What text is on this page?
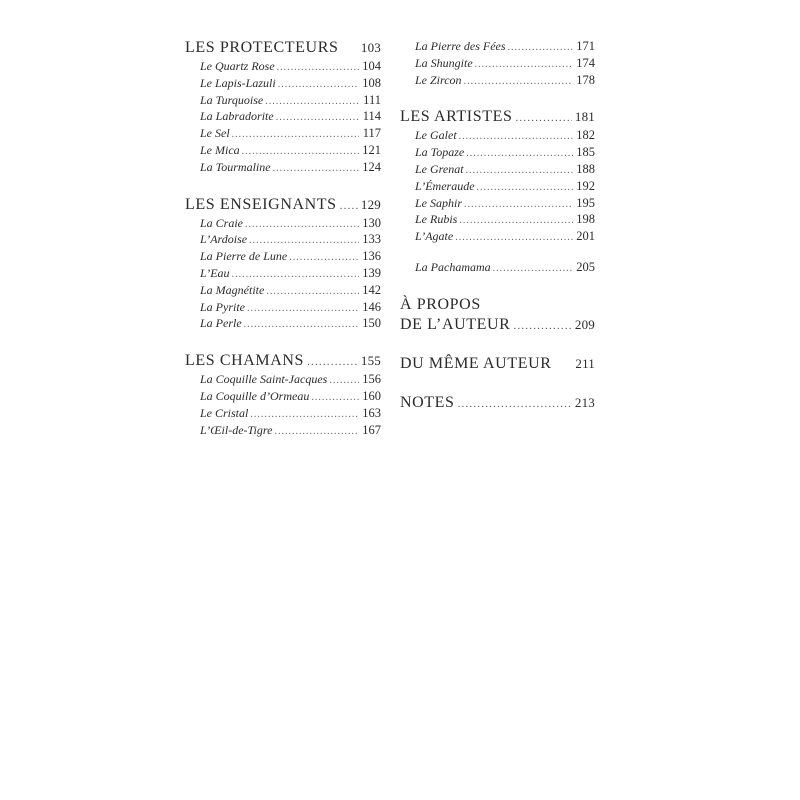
LES PROTECTEURS 103
Le Quartz Rose .....	104
Le Lapis-Lazuli .....	108
La Turquoise .....	111
La Labradorite .....	114
Le Sel .....	117
Le Mica .....	121
La Tourmaline .....	124
LES ENSEIGNANTS ..... 129
La Craie .....	130
L’Ardoise .....	133
La Pierre de Lune .....	136
L’Eau .....	139
La Magnétite .....	142
La Pyrite .....	146
La Perle .....	150
LES CHAMANS .....	155
La Coquille Saint-Jacques .....	156
La Coquille d’Ormeau .....	160
Le Cristal .....	163
L’Œil-de-Tigre .....	167
La Pierre des Fées .....	171
La Shungite .....	174
Le Zircon .....	178
LES ARTISTES .....	181
Le Galet .....	182
La Topaze .....	185
Le Grenat .....	188
L’Émeraude .....	192
Le Saphir .....	195
Le Rubis .....	198
L’Agate .....	201
La Pachamama .....	205
À PROPOS
DE L’AUTEUR .....	209
DU MÊME AUTEUR 211
NOTES .....	213
